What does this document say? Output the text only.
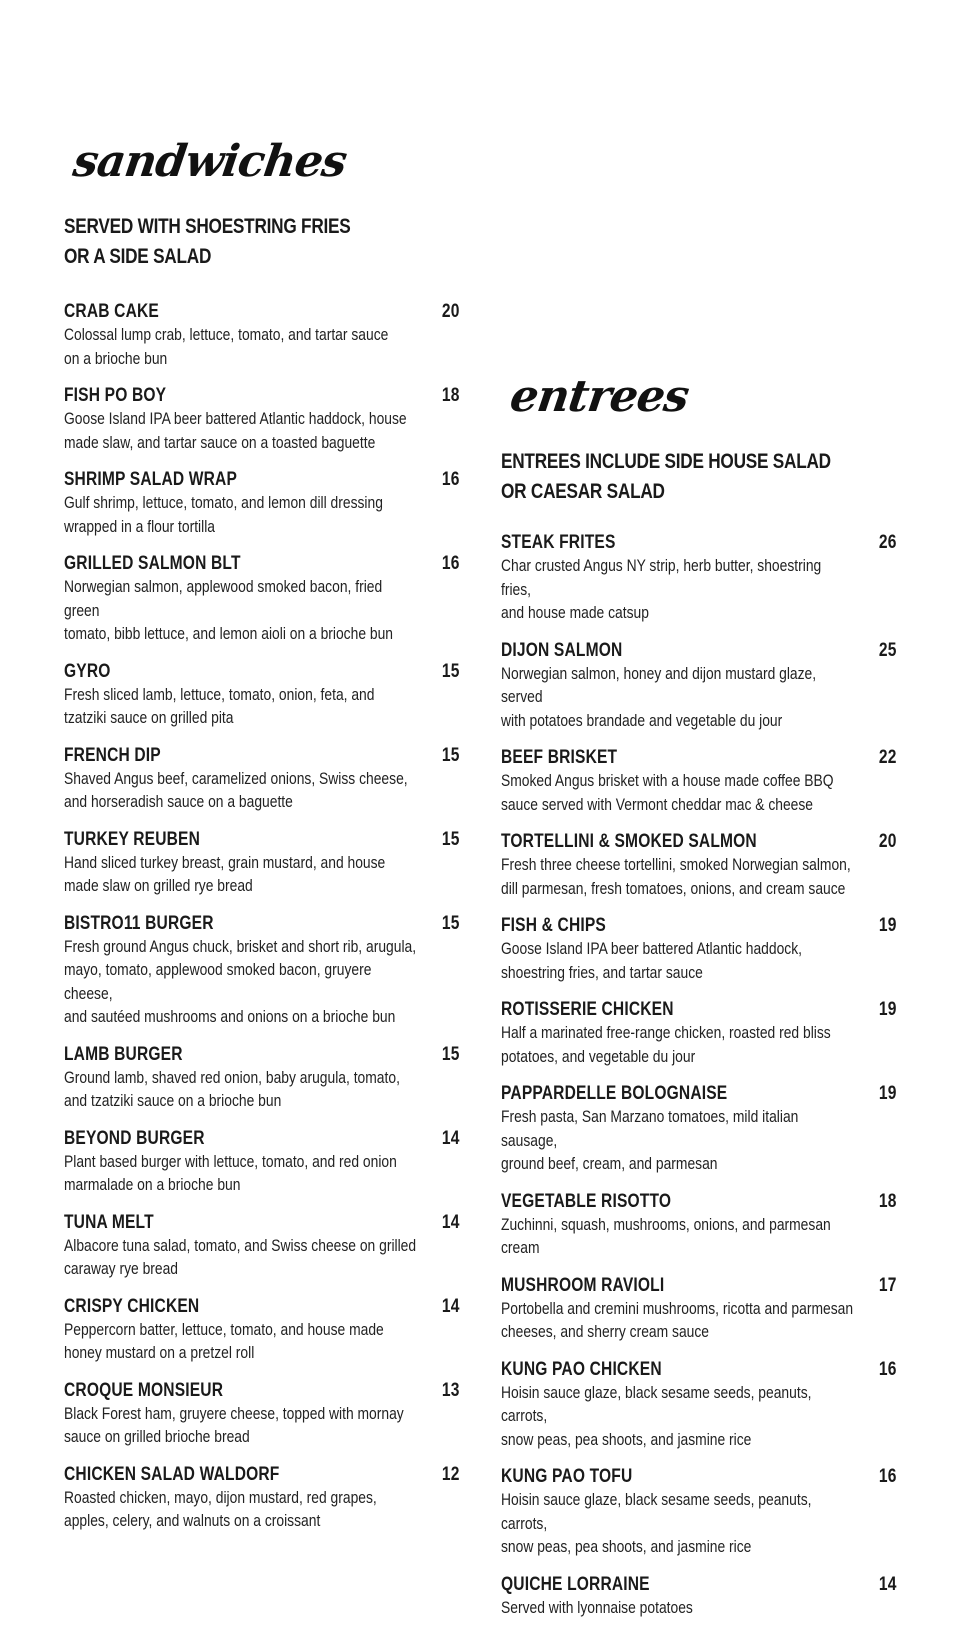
sandwiches
SERVED WITH SHOESTRING FRIES
OR A SIDE SALAD
CRAB CAKE	20
Colossal lump crab, lettuce, tomato, and tartar sauce
on a brioche bun
FISH PO BOY	18
Goose Island IPA beer battered Atlantic haddock, house
made slaw, and tartar sauce on a toasted baguette
SHRIMP SALAD WRAP	16
Gulf shrimp, lettuce, tomato, and lemon dill dressing
wrapped in a flour tortilla
GRILLED SALMON BLT	16
Norwegian salmon, applewood smoked bacon, fried green
tomato, bibb lettuce, and lemon aioli on a brioche bun
GYRO	15
Fresh sliced lamb, lettuce, tomato, onion, feta, and
tzatziki sauce on grilled pita
FRENCH DIP	15
Shaved Angus beef, caramelized onions, Swiss cheese,
and horseradish sauce on a baguette
TURKEY REUBEN	15
Hand sliced turkey breast, grain mustard, and house
made slaw on grilled rye bread
BISTRO11 BURGER	15
Fresh ground Angus chuck, brisket and short rib, arugula,
mayo, tomato, applewood smoked bacon, gruyere cheese,
and sautéed mushrooms and onions on a brioche bun
LAMB BURGER	15
Ground lamb, shaved red onion, baby arugula, tomato,
and tzatziki sauce on a brioche bun
BEYOND BURGER	14
Plant based burger with lettuce, tomato, and red onion
marmalade on a brioche bun
TUNA MELT	14
Albacore tuna salad, tomato, and Swiss cheese on grilled
caraway rye bread
CRISPY CHICKEN	14
Peppercorn batter, lettuce, tomato, and house made
honey mustard on a pretzel roll
CROQUE MONSIEUR	13
Black Forest ham, gruyere cheese, topped with mornay
sauce on grilled brioche bread
CHICKEN SALAD WALDORF	12
Roasted chicken, mayo, dijon mustard, red grapes,
apples, celery, and walnuts on a croissant
entrees
ENTREES INCLUDE SIDE HOUSE SALAD
OR CAESAR SALAD
STEAK FRITES	26
Char crusted Angus NY strip, herb butter, shoestring fries,
and house made catsup
DIJON SALMON	25
Norwegian salmon, honey and dijon mustard glaze, served
with potatoes brandade and vegetable du jour
BEEF BRISKET	22
Smoked Angus brisket with a house made coffee BBQ
sauce served with Vermont cheddar mac & cheese
TORTELLINI & SMOKED SALMON	20
Fresh three cheese tortellini, smoked Norwegian salmon,
dill parmesan, fresh tomatoes, onions, and cream sauce
FISH & CHIPS	19
Goose Island IPA beer battered Atlantic haddock,
shoestring fries, and tartar sauce
ROTISSERIE CHICKEN	19
Half a marinated free-range chicken, roasted red bliss
potatoes, and vegetable du jour
PAPPARDELLE BOLOGNAISE	19
Fresh pasta, San Marzano tomatoes, mild italian sausage,
ground beef, cream, and parmesan
VEGETABLE RISOTTO	18
Zuchinni, squash, mushrooms, onions, and parmesan cream
MUSHROOM RAVIOLI	17
Portobella and cremini mushrooms, ricotta and parmesan
cheeses, and sherry cream sauce
KUNG PAO CHICKEN	16
Hoisin sauce glaze, black sesame seeds, peanuts, carrots,
snow peas, pea shoots, and jasmine rice
KUNG PAO TOFU	16
Hoisin sauce glaze, black sesame seeds, peanuts, carrots,
snow peas, pea shoots, and jasmine rice
QUICHE LORRAINE	14
Served with lyonnaise potatoes
